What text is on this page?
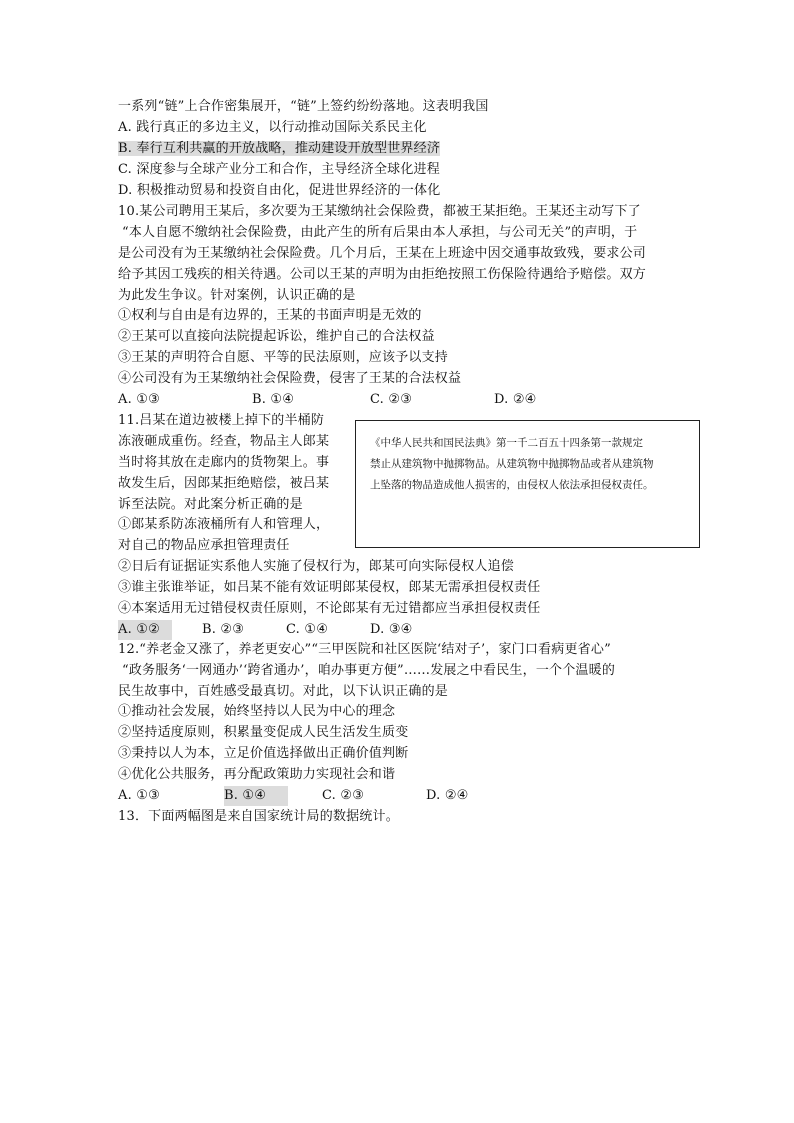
一系列“链”上合作密集展开，“链”上签约纷纷落地。这表明我国
A. 践行真正的多边主义，以行动推动国际关系民主化
B. 奉行互利共赢的开放战略，推动建设开放型世界经济
C. 深度参与全球产业分工和合作，主导经济全球化进程
D. 积极推动贸易和投资自由化，促进世界经济的一体化
10.某公司聘用王某后，多次要为王某缴纳社会保险费，都被王某拒绝。王某还主动写下了
“本人自愿不缴纳社会保险费，由此产生的所有后果由本人承担，与公司无关”的声明，于
是公司没有为王某缴纳社会保险费。几个月后，王某在上班途中因交通事故致残，要求公司
给予其因工残疾的相关待遇。公司以王某的声明为由拒绝按照工伤保险待遇给予赔偿。双方
为此发生争议。针对案例，认识正确的是
①权利与自由是有边界的，王某的书面声明是无效的
②王某可以直接向法院提起诉讼，维护自己的合法权益
③王某的声明符合自愿、平等的民法原则，应该予以支持
④公司没有为王某缴纳社会保险费，侵害了王某的合法权益
A. ①③	B. ①④	C. ②③	D. ②④
11.吕某在道边被楼上掉下的半桶防
冻液砸成重伤。经查，物品主人郎某
当时将其放在走廊内的货物架上。事
故发生后，因郎某拒绝赔偿，被吕某
诉至法院。对此案分析正确的是
①郎某系防冻液桶所有人和管理人，
对自己的物品应承担管理责任
②日后有证据证实系他人实施了侵权行为，郎某可向实际侵权人追偿
③谁主张谁举证，如吕某不能有效证明郎某侵权，郎某无需承担侵权责任
④本案适用无过错侵权责任原则，不论郎某有无过错都应当承担侵权责任
A. ①②	B. ②③	C. ①④	D. ③④
《中华人民共和国民法典》第一千二百五十四条第一款规定
禁止从建筑物中抛掷物品。从建筑物中抛掷物品或者从建筑物
上坠落的物品造成他人损害的，由侵权人依法承担侵权责任。
12.“养老金又涨了，养老更安心”“三甲医院和社区医院‘结对子’，家门口看病更省心”
“政务服务‘一网通办’‘跨省通办’，咱办事更方便”……发展之中看民生，一个个温暖的
民生故事中，百姓感受最真切。对此，以下认识正确的是
①推动社会发展，始终坚持以人民为中心的理念
②坚持适度原则，积累量变促成人民生活发生质变
③秉持以人为本，立足价值选择做出正确价值判断
④优化公共服务，再分配政策助力实现社会和谐
A. ①③	B. ①④	C. ②③	D. ②④
13．下面两幅图是来自国家统计局的数据统计。
